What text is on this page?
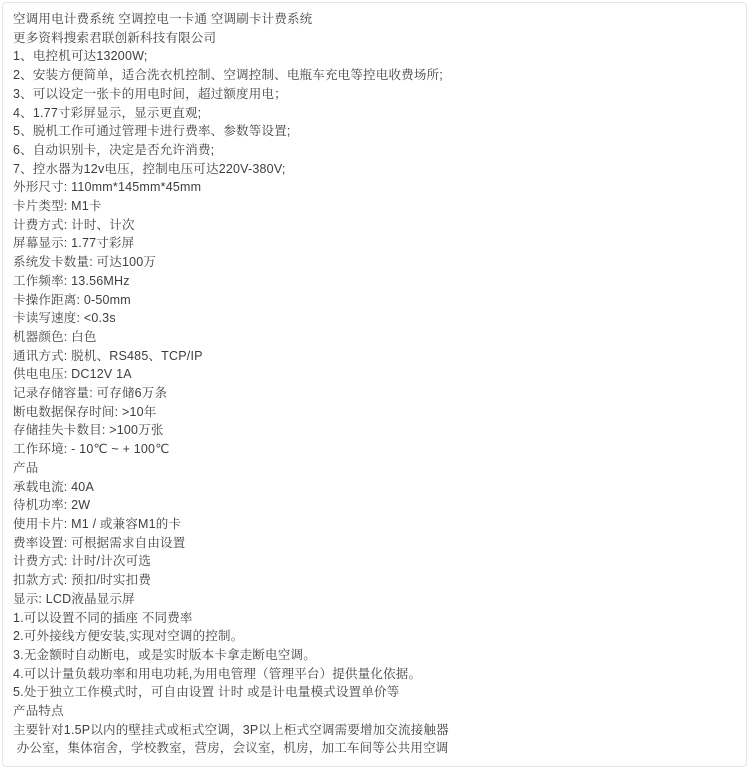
空调用电计费系统 空调控电一卡通 空调刷卡计费系统
更多资料搜索君联创新科技有限公司
1、电控机可达13200W;
2、安装方便简单，适合洗衣机控制、空调控制、电瓶车充电等控电收费场所;
3、可以设定一张卡的用电时间，超过额度用电；
4、1.77寸彩屏显示，显示更直观;
5、脱机工作可通过管理卡进行费率、参数等设置;
6、自动识别卡，决定是否允许消费;
7、控水器为12v电压，控制电压可达220V-380V;
外形尺寸: 110mm*145mm*45mm
卡片类型: M1卡
计费方式: 计时、计次
屏幕显示: 1.77寸彩屏
系统发卡数量: 可达100万
工作频率: 13.56MHz
卡操作距离: 0-50mm
卡读写速度: <0.3s
机器颜色: 白色
通讯方式: 脱机、RS485、TCP/IP
供电电压: DC12V 1A
记录存储容量: 可存储6万条
断电数据保存时间: >10年
存储挂失卡数目: >100万张
工作环境: - 10℃ ~ + 100℃
产品
承载电流: 40A
待机功率: 2W
使用卡片: M1 / 或兼容M1的卡
费率设置: 可根据需求自由设置
计费方式: 计时/计次可选
扣款方式: 预扣/时实扣费
显示: LCD液晶显示屏
1.可以设置不同的插座 不同费率
2.可外接线方便安装,实现对空调的控制。
3.无金额时自动断电，或是实时版本卡拿走断电空调。
4.可以计量负载功率和用电功耗,为用电管理（管理平台）提供量化依据。
5.处于独立工作模式时，可自由设置 计时 或是计电量模式设置单价等
产品特点
主要针对1.5P以内的壁挂式或柜式空调，3P以上柜式空调需要增加交流接触器
办公室，集体宿舍，学校教室，营房，会议室，机房，加工车间等公共用空调
